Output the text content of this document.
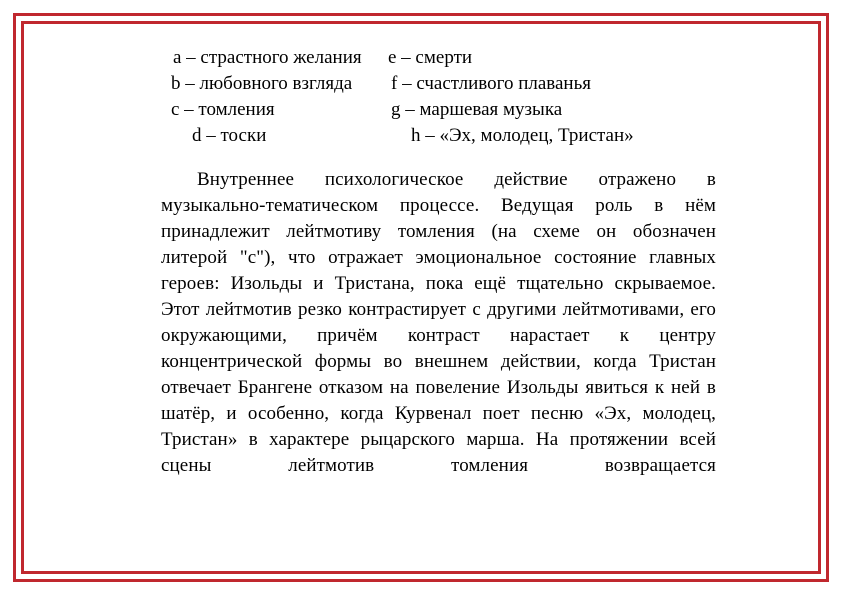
a – страстного желания е – смерти
b – любовного взгляда f – счастливого плаванья
c – томления	g – маршевая музыка
d – тоски	h – «Эх, молодец, Тристан»

Внутреннее психологическое действие отражено в музыкально-тематическом процессе. Ведущая роль в нём принадлежит лейтмотиву томления (на схеме он обозначен литерой "с"), что отражает эмоциональное состояние главных героев: Изольды и Тристана, пока ещё тщательно скрываемое. Этот лейтмотив резко контрастирует с другими лейтмотивами, его окружающими, причём контраст нарастает к центру концентрической формы во внешнем действии, когда Тристан отвечает Брангене отказом на повеление Изольды явиться к ней в шатёр, и особенно, когда Курвенал поет песню «Эх, молодец, Тристан» в характере рыцарского марша. На протяжении всей сцены лейтмотив томления возвращается
